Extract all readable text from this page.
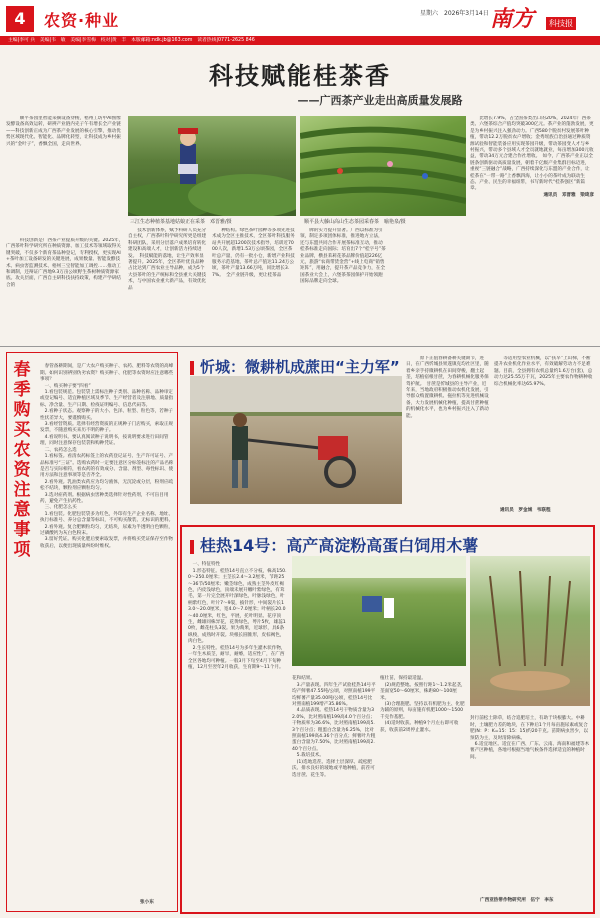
4	农资·种业	星期六　2026年3月14日 南方	科技报
主编|李可 兵　美编|韦　敏　美编|李雪梅　校对|黄　丰　本版邮箱:ndk.jb@163.com　读者热线|0771-2625 846
科技赋能桂茶香
——广西茶产业走出高质量发展路

　顺平茶园里智能采摘设备穿梭，梧州工坊中AI图像发酵设备高效运转，研辨产业链内壳子午有增长全产业链——科技创新正成为广西茶产业发展的核心引擎，推动优势区域现代化、智能化、品牌化转型，让科技成为乡村振兴的“金叶子”，香飘全国，走向世界。

　科技创新是广西茶产业提质升级的关键。2025年，广西茶叶科学研究所在种质资源、加工技术等领域取得关键突破，不仅多个新育茶品种登记，专利授权，更实现AI+茶叶加工设备研发的关键进展，成果数量、智能发酵技术、病虫害监测技术、梧州三宝智能加工调控……推动工和调制，还辩证广西地9.3万亩公顷野生茶树种质资源家底。攻关层面，广西自主研科技扶持政策，构建产学研结合的

三江生态种植茶基地姑娘正在采茶　邓晋雅/摄	顺平县大藤山高山生态茶园采春茶　喻艳泉/摄

技术创新体系，赋予科研人员充分自主权，广西茶叶科学研究所更是组建科研团队，采用分层落户成果培育转化建设和高端人才，让创新活力持续迸发。　科技赋能的落地，让生产效率显著提升。2025年，全区茶叶优良品种占比达到广西农业主导品种，成为5个大县茶叶的生产统标和全县重大关键技术，与中国农业重大新产品，有效优化品

种结构。绿色茶叶园种等多项先进技术成为全区主推技术，全区茶叶科技服务站共开展超1200次技术指导，培训近7000人次，新增1.53万公顷茶园，全区茶叶总产量，仍有一批小仓，新增产业科技服务示范基地，茶叶总产值达11.24万公顷，茶叶产量13.66万吨，同比增长3.7%。　全产业链升级，更让桂茶品

牌的实力提升显著。广西以标准为引领，制定多项团体标准，推进地方立法，还与东盟共同合作开展茶标准互动，推动桂茶标准走向国际；培育出7个“桂字号”茶业品牌，横县茉莉花茶品牌价值超226亿元，旅游“农商带货金营”+线上电商“销售矩阵”，用融合，提升茶产品竞争力，在全国茶业大会上，六堡茶茶园保护开始领跑国际品牌走向全球。

比增长7.9%，占全国茶类出口的20%，2024年广西茶类、六堡茶综合产值均突破300亿元。茶产业的蓬勃发展，更是为乡村振兴注入强劲动力。广西580个脱贫村发展茶叶种植，带动12.2万脱贫农户增收；金秀瑶族自治县通过种质资源试验和智能装备应用实现茶园升级，带动茶园变人才与乡村振兴，带动多个县域人才全员就地就业，每亩增加300元收益，带动34万元合建合作社增收。　如今，广西茶产业正以全链条创新驱动高质量发展，朝着千亿级产业集群目标迈进，重视“三链融合”战略，广西持续深化与东盟的产业合作，让桂茶在“一带一路”上香飘四海，让小小的茶叶成为联动生态、产业、民生的幸福纽带，书写新时代“桂茶强区”新篇章。

通讯员　邓晋雅　梁琦彦

春季购买农资注意事项

　春管备耕期间，是广大农户购买种子、农药、肥料等农资的高峰期。如何识别辨别伪劣农资？购买种子、化肥等农资时应注意哪些事项？
　一、购买种子要“四看”
　1.看包装规范。包装袋上需标注种子类别、品种名称、品种审定或登记编号、适宜种植区域及季节、生产经营者及注册地、质量指标、净含量、生产日期、检疫证明编号、信息代码等。
　2.看种子状态。观察种子的大小、色泽、粒型、粒色等，若种子性状差异大，要谨慎购买。
　3.看经营资质。选择有经营资质的正规种子门店购买，索取正规发票，不随意购买来历不明的种子。
　4.看说明书。要认真阅读种子说明书，按说明要求进行田间管理，同时注意保存包装袋和购种凭证。
　二、农药怎么选
　1.看标签。看清农药标签上的农药登记证号、生产许可证号、产品标准号“三证”。选购农药时一定要注意区分标签标注的产品名称是否与实际相符，看农药的有效成分、含量、剂型、毒性标识、使用方法和注意事项等是否齐全。
　2.看外观。乳油类农药应为均匀液体，无沉淀或分层，粉剂应疏松不结块，颗粒剂应颗粒均匀。
　3.选对症药剂。根据病虫害种类选择针对性药剂，不可盲目用药，避免产生抗药性。
　三、化肥怎么买
　1.看包装。化肥包装袋多为红色，外印有生产企业名称、地址、执行标准号、养分总含量等标识，不可购买散装、无标识的肥料。
　2.看外观。复合肥颗粒均匀，无结块，尿素为半透明白色颗粒，过磷酸钙为灰白色粉末。
　3.留好凭证。购买化肥后要索取发票，并将购买凭证保存至作物收获后，以便出现质量纠纷时维权。

张小东
忻城：微耕机成蔗田“主力军”	　原下正值春耕备耕关键期节，进日，在广西忻城县果遂镇克均社区里，随着乡亲手持微耕机在田间穿梭，翻土起垄，培植宿根甘蔗，为春耕机械化服务保驾护航。　甘蔗是忻城县的主导产业，近年来，当地政府积极推动农机化发展，引导群众购置微耕机、拖拉机等先进机械设备，大力发展机械化种植，提高甘蔗种植的机械化水平，也为乡村振兴注入了新动能。

等适用型农业机械，以“扶早”上山梯，不断提升农业机化作业水平，有效破解劳动力不足难题。目前，全县拥有农机总量约1.6万台(套)，总动力达25.55万千瓦，2025年主要农作物耕种收综合机械化率达65.97%。

通讯员　罗金城　韦联程
桂热14号：高产高淀粉高蛋白饲用木薯

　一、特征特性
　1.形态特征。桂热14号直立不分枝，株高150.0～250.0厘米；主茎长2.4～3.2厘米，节距25～36节/50厘米；嫩茎绿色，成熟主茎外皮红褐色，内皮浅绿色，顶端未展开嫩叶紫绿色，有茸毛，第一片完全展开叶深绿色，叶脉浅绿色，叶柄紫红色，叶片7～9裂，披针形，中间裂片长13.0～20.0厘米，宽4.0～7.0厘米；叶柄长20.0～40.0厘米，红色，平展，托叶明显。花序顶生，雌雄同株异花，花黄绿色，萼片5枚，雄蕊10枚，雌花柱头3裂。果为蒴果，近球形，具6条纵棱，成熟时开裂。块根长圆锥形，皮棕褐色，肉白色。
　2.生长特性。桂热14号为多年生灌木状作物，一年生木质茎，耐旱，耐瘠，适应性广，在广西全区各地均可种植。一般3月下旬至4月下旬种植，12月至翌年2月收获，生育期9～11个月。

花和结果。
　3.产量表现。四年生产试验桂热14号平均产鲜薯47.55吨/公顷，对照南植199平均鲜薯产量35.00吨/公顷，桂热14号比对照南植199增产35.86%。
　4.品质表现。桂热14号干物质含量为32.0%，比对照南植199高4.0个百分点；干物质率为36.6%，比对照南植199高5.3个百分点；粗蛋白含量为6.25%，比对照南植199高4.36个百分点；鲜薯叶片粗蛋白含量为7.50%，比对照南植199高2.40个百分点。
　5.栽培技术。
　(1)选地选茬。选择土层深厚、疏松肥沃、排水良好的坡地或平地种植，前茬可选甘蔗、花生等。

植壮苗，保持最适温。
　(2)规范整地。按照行距1～1.2米起垄，垄面宽50～60厘米，株距80～100厘米。
　(3)合理施肥。坚持以有机肥为主、化肥为辅的原则，每亩施有机肥1000～1500千克作基肥。
　(4)适时收获。种植9个月左右即可收获，收获前2周停止灌水。

封行前松土除草，结合追肥培土，有助于块根膨大。中耕时，土壤肥力差的地块，在下种后1个月每亩施尿素或复合肥(N：P：K=15：15：15)约20千克。苗期病虫害少，以预防为主，及时清除病株。
　6.适宜地区。适宜在广西、广东、云南、海南和福建等木薯产区种植，各地可根据当地气候条件选择适宜的种植时间。

广西亚热带作物研究所　伍宁　李东
